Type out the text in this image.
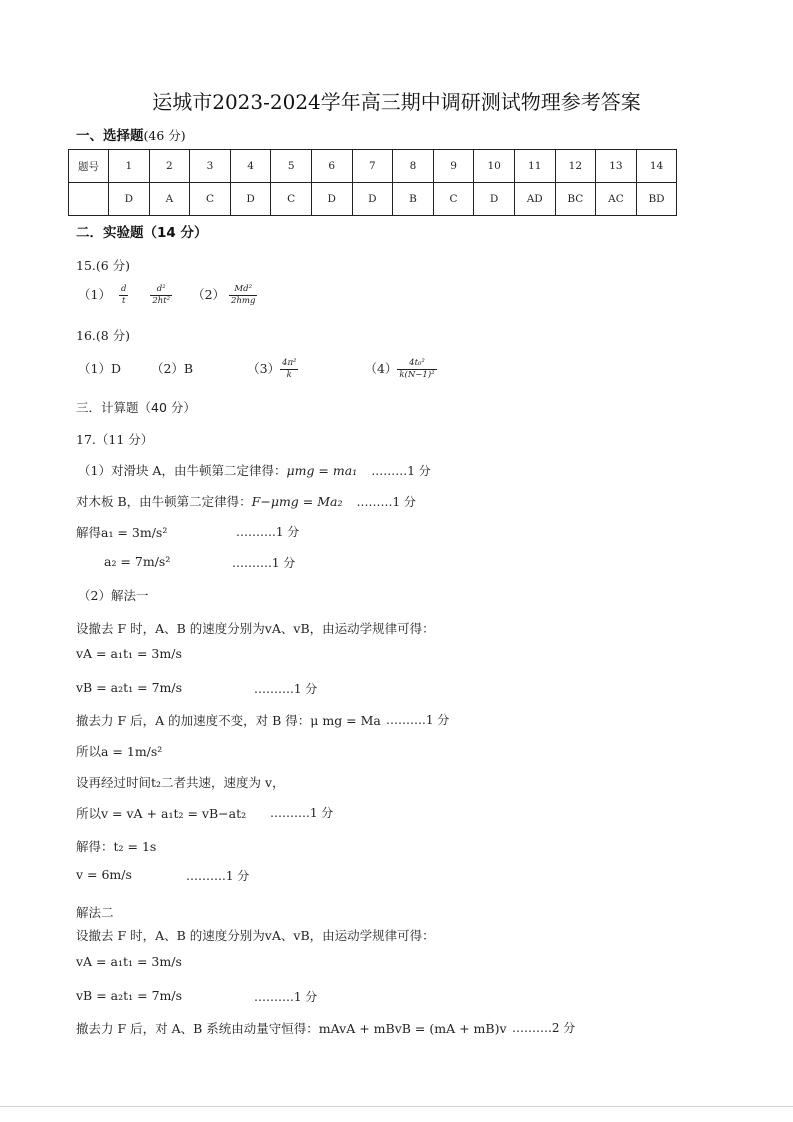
运城市2023-2024学年高三期中调研测试物理参考答案
一、选择题(46 分)
题号	1	2	3	4	5	6	7	8	9	10	11	12	13	14
	D	A	C	D	C	D	D	B	C	D	AD	BC	AC	BD
二．实验题（14 分）
15.(6 分)
$(1) \frac{d}{t}$
	$\frac{\text{d²}}{\text{2ht²}} (2) \frac{\text{Md²}}{\text{2hmg}}$
16.(8 分)
（1）D （2）B	$(3) \frac{\text{4π²}}{k}$	$(4) \frac{\text{4t₀²}}{\text{k(N−1)²}}$
三．计算题（40 分）
17.（11 分）
（1）对滑块 A，由牛顿第二定律得：μmg = ma₁ ………1 分
对木板 B，由牛顿第二定律得：F−μmg = Ma₂ ………1 分
解得a₁ = 3m/s²	……….1 分
a₂ = 7m/s²	……….1 分
（2）解法一
设撤去 F 时，A、B 的速度分别为vA、vB，由运动学规律可得：
vA = a₁t₁ = 3m/s
vB = a₂t₁ = 7m/s	……….1 分
撤去力 F 后，A 的加速度不变，对 B 得：μ mg = Ma ……….1 分
所以a = 1m/s²
设再经过时间t₂二者共速，速度为 v，
所以v = vA + a₁t₂ = vB−at₂ ……….1 分
解得：t₂ = 1s
v = 6m/s	……….1 分
解法二
设撤去 F 时，A、B 的速度分别为vA、vB，由运动学规律可得：
vA = a₁t₁ = 3m/s
vB = a₂t₁ = 7m/s	……….1 分
撤去力 F 后，对 A、B 系统由动量守恒得：mAvA + mBvB = (mA + mB)v ……….2 分
